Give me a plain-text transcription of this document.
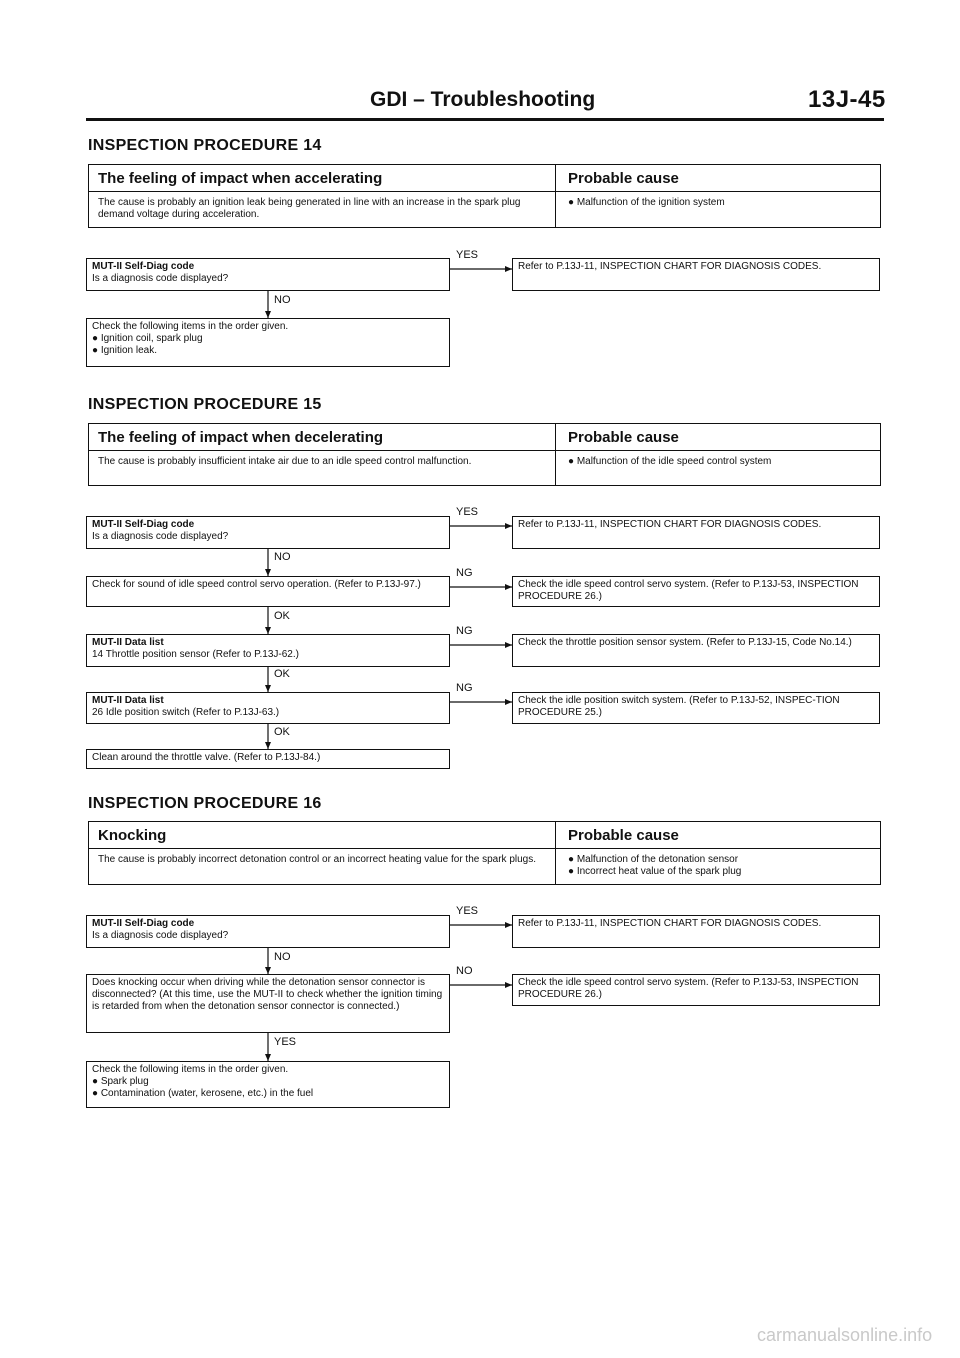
GDI – Troubleshooting	13J-45
INSPECTION PROCEDURE 14
The feeling of impact when accelerating	Probable cause
The cause is probably an ignition leak being generated in line with an increase in the spark plug demand voltage during acceleration.
● Malfunction of the ignition system
MUT-II Self-Diag code
Is a diagnosis code displayed?
YES
Refer to P.13J-11, INSPECTION CHART FOR DIAGNOSIS CODES.
NO
Check the following items in the order given.
● Ignition coil, spark plug
● Ignition leak.
INSPECTION PROCEDURE 15
The feeling of impact when decelerating	Probable cause
The cause is probably insufficient intake air due to an idle speed control malfunction.	● Malfunction of the idle speed control system
MUT-II Self-Diag code
Is a diagnosis code displayed?
YES
Refer to P.13J-11, INSPECTION CHART FOR DIAGNOSIS CODES.
NO
Check for sound of idle speed control servo operation. (Refer to P.13J-97.)
NG
Check the idle speed control servo system. (Refer to P.13J-53, INSPECTION PROCEDURE 26.)
OK
MUT-II Data list
14 Throttle position sensor (Refer to P.13J-62.)
NG
Check the throttle position sensor system. (Refer to P.13J-15, Code No.14.)
OK
MUT-II Data list
26 Idle position switch (Refer to P.13J-63.)
NG
Check the idle position switch system. (Refer to P.13J-52, INSPEC-TION PROCEDURE 25.)
OK
Clean around the throttle valve. (Refer to P.13J-84.)
INSPECTION PROCEDURE 16
Knocking	Probable cause
The cause is probably incorrect detonation control or an incorrect heating value for the spark plugs.	● Malfunction of the detonation sensor
● Incorrect heat value of the spark plug
MUT-II Self-Diag code
Is a diagnosis code displayed?
YES
Refer to P.13J-11, INSPECTION CHART FOR DIAGNOSIS CODES.
NO
Does knocking occur when driving while the detonation sensor connector is disconnected? (At this time, use the MUT-II to check whether the ignition timing is retarded from when the detonation sensor connector is connected.)
NO
Check the idle speed control servo system. (Refer to P.13J-53, INSPECTION PROCEDURE 26.)
YES
Check the following items in the order given.
● Spark plug
● Contamination (water, kerosene, etc.) in the fuel
carmanualsonline.info
